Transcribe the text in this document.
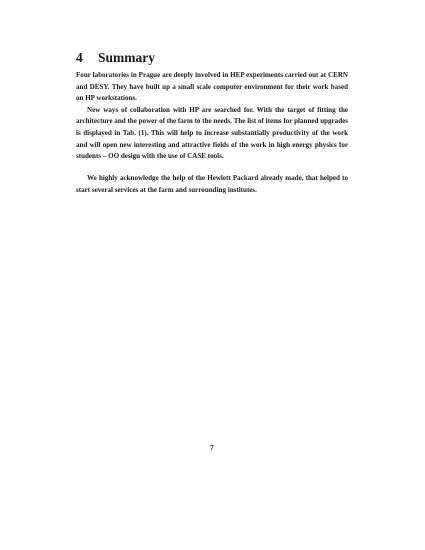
4 Summary

Four laboratories in Prague are deeply involved in HEP experiments carried out at CERN and DESY. They have built up a small scale computer environment for their work based on HP workstations.

New ways of collaboration with HP are searched for. With the target of fitting the architecture and the power of the farm to the needs. The list of items for planned upgrades is displayed in Tab. (1). This will help to increase substantially productivity of the work and will open new interesting and attractive fields of the work in high energy physics for students – OO design with the use of CASE tools.

We highly acknowledge the help of the Hewlett Packard already made, that helped to start several services at the farm and surrounding institutes.

7
